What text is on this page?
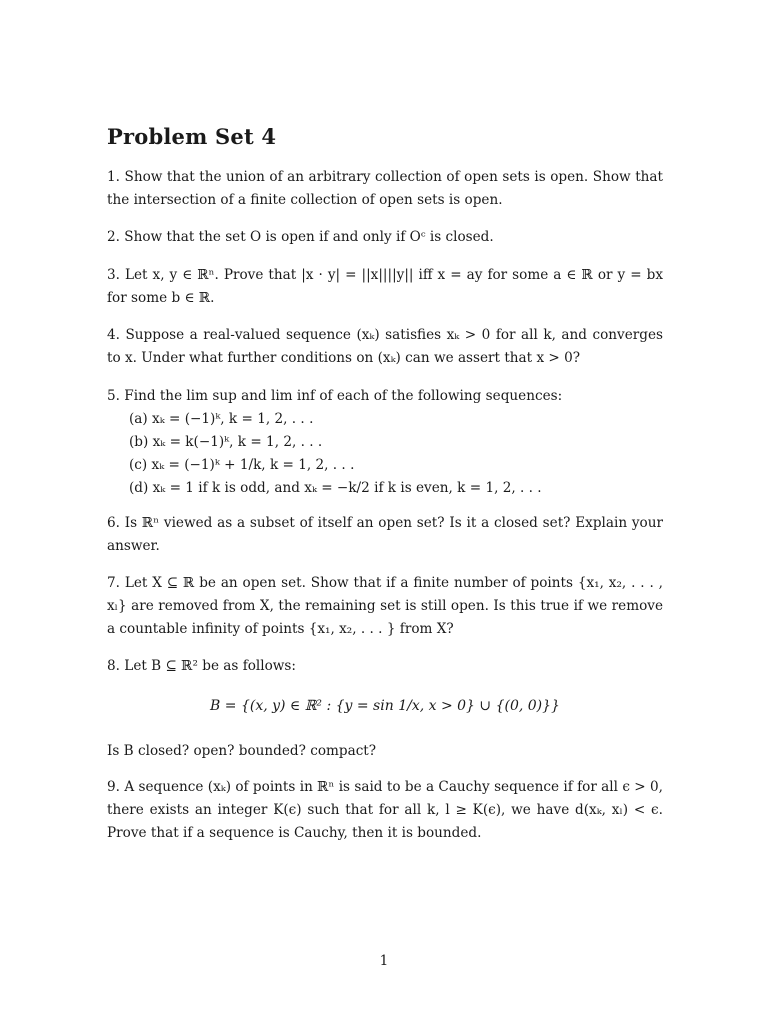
Problem Set 4

1. Show that the union of an arbitrary collection of open sets is open. Show that the intersection of a finite collection of open sets is open.

2. Show that the set O is open if and only if Oᶜ is closed.

3. Let x, y ∈ ℝⁿ. Prove that |x · y| = ||x||||y|| iff x = ay for some a ∈ ℝ or y = bx for some b ∈ ℝ.

4. Suppose a real-valued sequence (xₖ) satisfies xₖ > 0 for all k, and converges to x. Under what further conditions on (xₖ) can we assert that x > 0?

5. Find the lim sup and lim inf of each of the following sequences:

(a) xₖ = (−1)ᵏ, k = 1, 2, . . .
(b) xₖ = k(−1)ᵏ, k = 1, 2, . . .
(c) xₖ = (−1)ᵏ + 1/k, k = 1, 2, . . .
(d) xₖ = 1 if k is odd, and xₖ = −k/2 if k is even, k = 1, 2, . . .

6. Is ℝⁿ viewed as a subset of itself an open set? Is it a closed set? Explain your answer.

7. Let X ⊆ ℝ be an open set. Show that if a finite number of points {x₁, x₂, . . . , xₗ} are removed from X, the remaining set is still open. Is this true if we remove a countable infinity of points {x₁, x₂, . . . } from X?

8. Let B ⊆ ℝ² be as follows:

B = {(x, y) ∈ ℝ² : {y = sin 1/x, x > 0} ∪ {(0, 0)}}

Is B closed? open? bounded? compact?

9. A sequence (xₖ) of points in ℝⁿ is said to be a Cauchy sequence if for all ϵ > 0, there exists an integer K(ϵ) such that for all k, l ≥ K(ϵ), we have d(xₖ, xₗ) < ϵ. Prove that if a sequence is Cauchy, then it is bounded.

1
